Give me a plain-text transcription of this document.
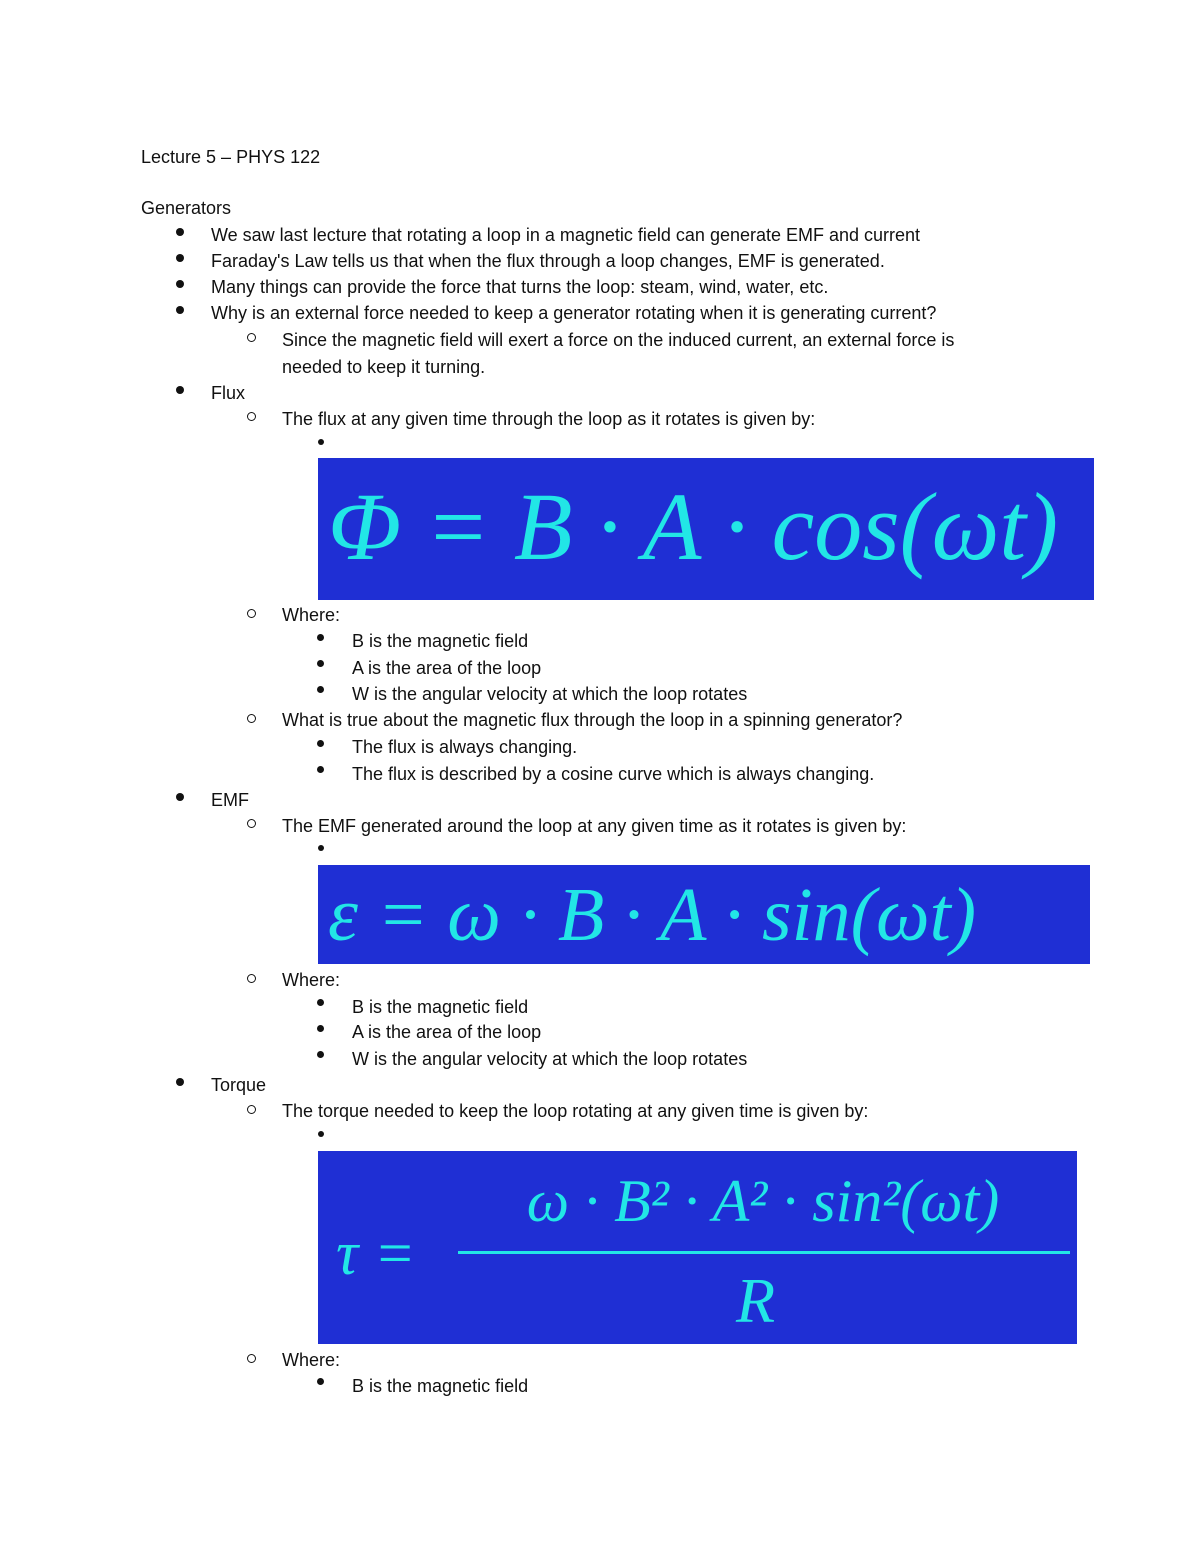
Lecture 5 – PHYS 122
Generators
We saw last lecture that rotating a loop in a magnetic field can generate EMF and current
Faraday's Law tells us that when the flux through a loop changes, EMF is generated.
Many things can provide the force that turns the loop: steam, wind, water, etc.
Why is an external force needed to keep a generator rotating when it is generating current?
Since the magnetic field will exert a force on the induced current, an external force is
needed to keep it turning.
Flux
The flux at any given time through the loop as it rotates is given by:
Φ = B · A · cos(ωt)
Where:
B is the magnetic field
A is the area of the loop
W is the angular velocity at which the loop rotates
What is true about the magnetic flux through the loop in a spinning generator?
The flux is always changing.
The flux is described by a cosine curve which is always changing.
EMF
The EMF generated around the loop at any given time as it rotates is given by:
ε = ω · B · A · sin(ωt)
Where:
B is the magnetic field
A is the area of the loop
W is the angular velocity at which the loop rotates
Torque
The torque needed to keep the loop rotating at any given time is given by:
τ =
ω · B² · A² · sin²(ωt)
R
Where:
B is the magnetic field
